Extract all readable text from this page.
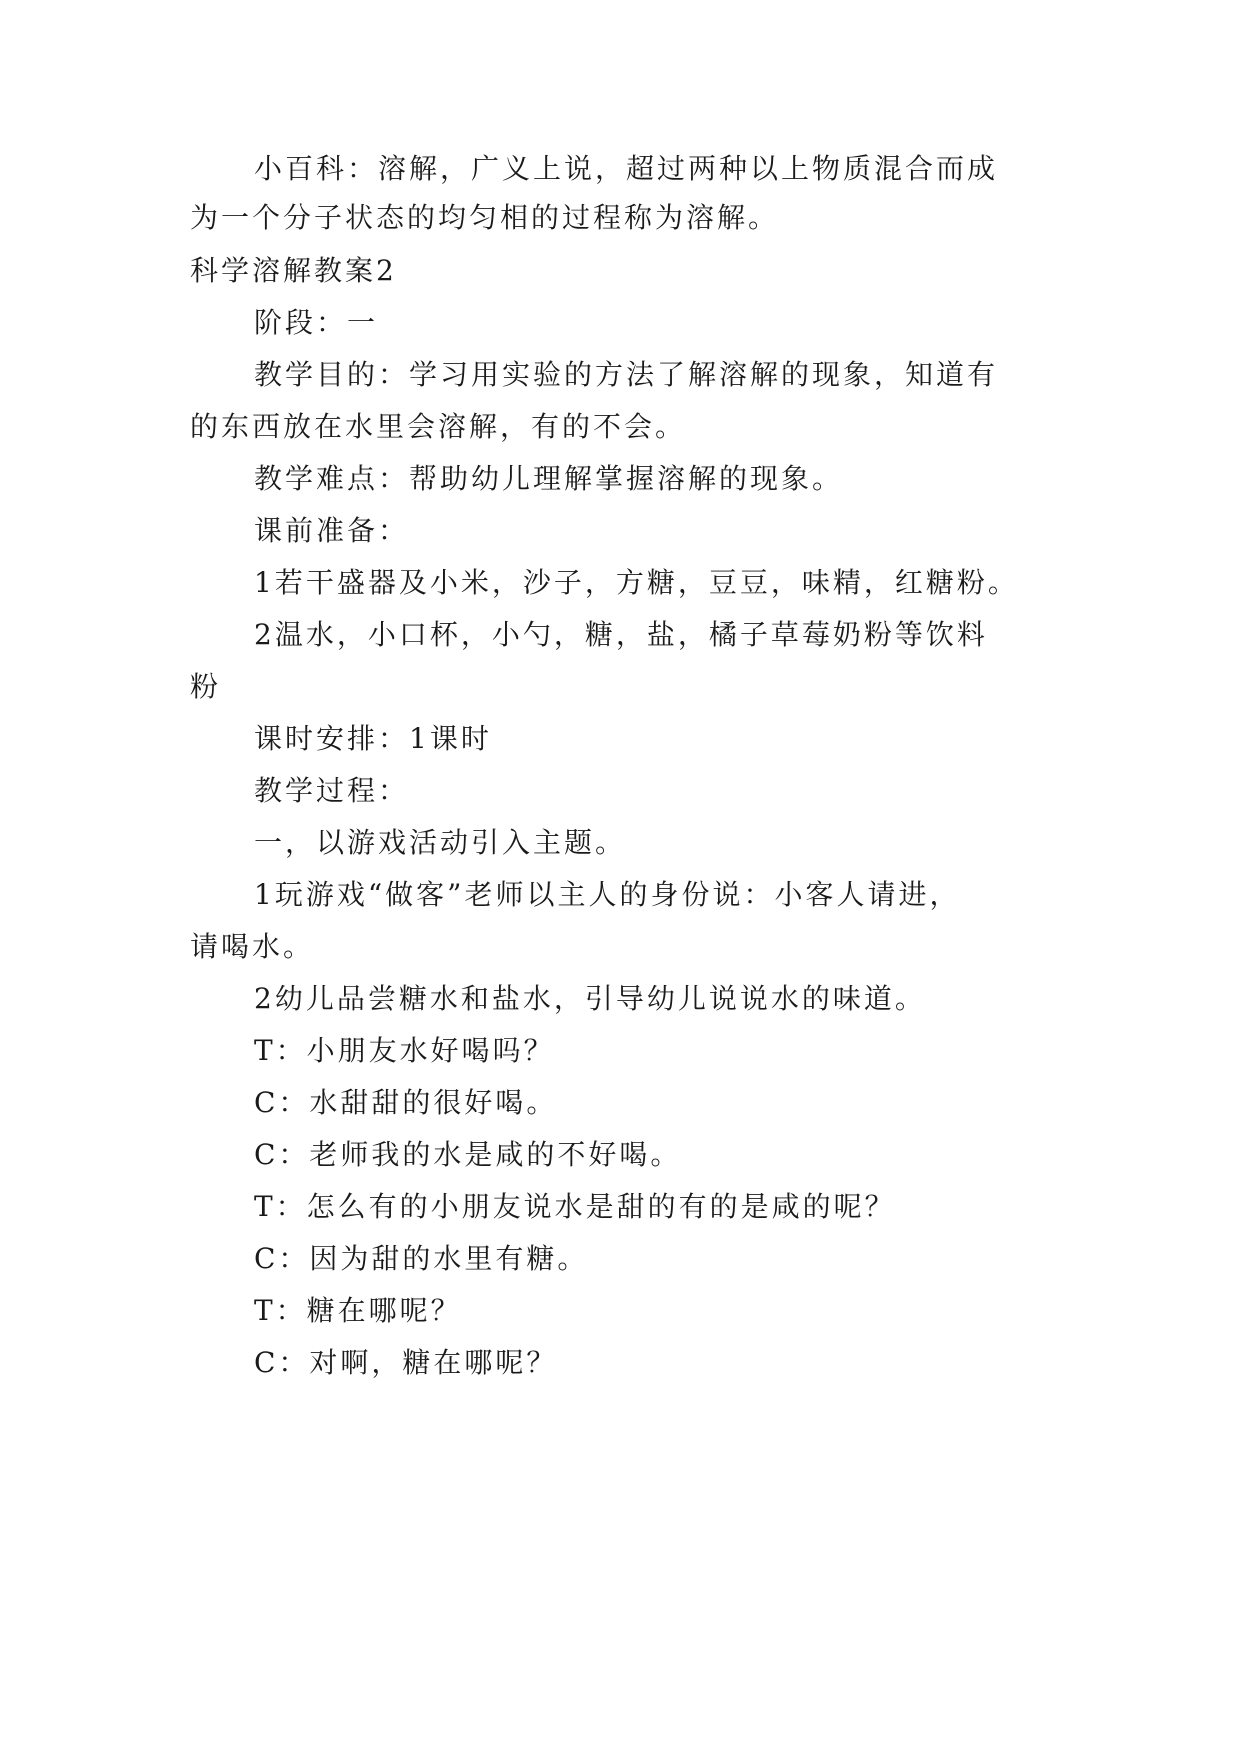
小百科：溶解，广义上说，超过两种以上物质混合而成
为一个分子状态的均匀相的过程称为溶解。
科学溶解教案2
阶段：一
教学目的：学习用实验的方法了解溶解的现象，知道有
的东西放在水里会溶解，有的不会。
教学难点：帮助幼儿理解掌握溶解的现象。
课前准备：
1若干盛器及小米，沙子，方糖，豆豆，味精，红糖粉。
2温水，小口杯，小勺，糖，盐，橘子草莓奶粉等饮料
粉
课时安排：1课时
教学过程：
一，以游戏活动引入主题。
1玩游戏“做客”老师以主人的身份说：小客人请进，
请喝水。
2幼儿品尝糖水和盐水，引导幼儿说说水的味道。
T：小朋友水好喝吗？
C：水甜甜的很好喝。
C：老师我的水是咸的不好喝。
T：怎么有的小朋友说水是甜的有的是咸的呢？
C：因为甜的水里有糖。
T：糖在哪呢？
C：对啊，糖在哪呢？
